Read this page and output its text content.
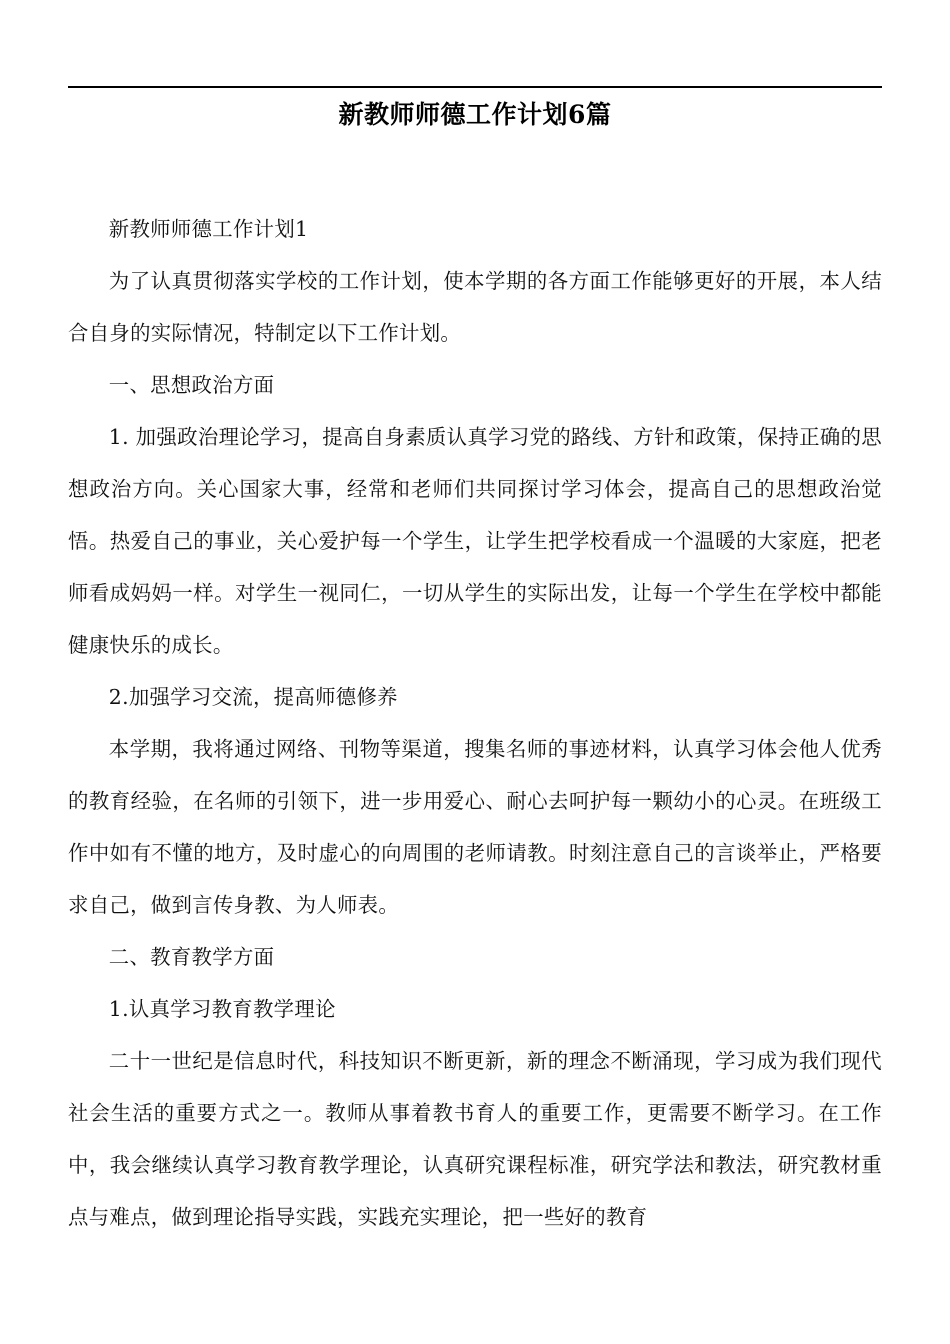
新教师师德工作计划6篇

新教师师德工作计划1

为了认真贯彻落实学校的工作计划，使本学期的各方面工作能够更好的开展，本人结合自身的实际情况，特制定以下工作计划。

一、思想政治方面

1. 加强政治理论学习，提高自身素质认真学习党的路线、方针和政策，保持正确的思想政治方向。关心国家大事，经常和老师们共同探讨学习体会，提高自己的思想政治觉悟。热爱自己的事业，关心爱护每一个学生，让学生把学校看成一个温暖的大家庭，把老师看成妈妈一样。对学生一视同仁，一切从学生的实际出发，让每一个学生在学校中都能健康快乐的成长。

2.加强学习交流，提高师德修养

本学期，我将通过网络、刊物等渠道，搜集名师的事迹材料，认真学习体会他人优秀的教育经验，在名师的引领下，进一步用爱心、耐心去呵护每一颗幼小的心灵。在班级工作中如有不懂的地方，及时虚心的向周围的老师请教。时刻注意自己的言谈举止，严格要求自己，做到言传身教、为人师表。

二、教育教学方面

1.认真学习教育教学理论

二十一世纪是信息时代，科技知识不断更新，新的理念不断涌现，学习成为我们现代社会生活的重要方式之一。教师从事着教书育人的重要工作，更需要不断学习。在工作中，我会继续认真学习教育教学理论，认真研究课程标准，研究学法和教法，研究教材重点与难点，做到理论指导实践，实践充实理论，把一些好的教育
